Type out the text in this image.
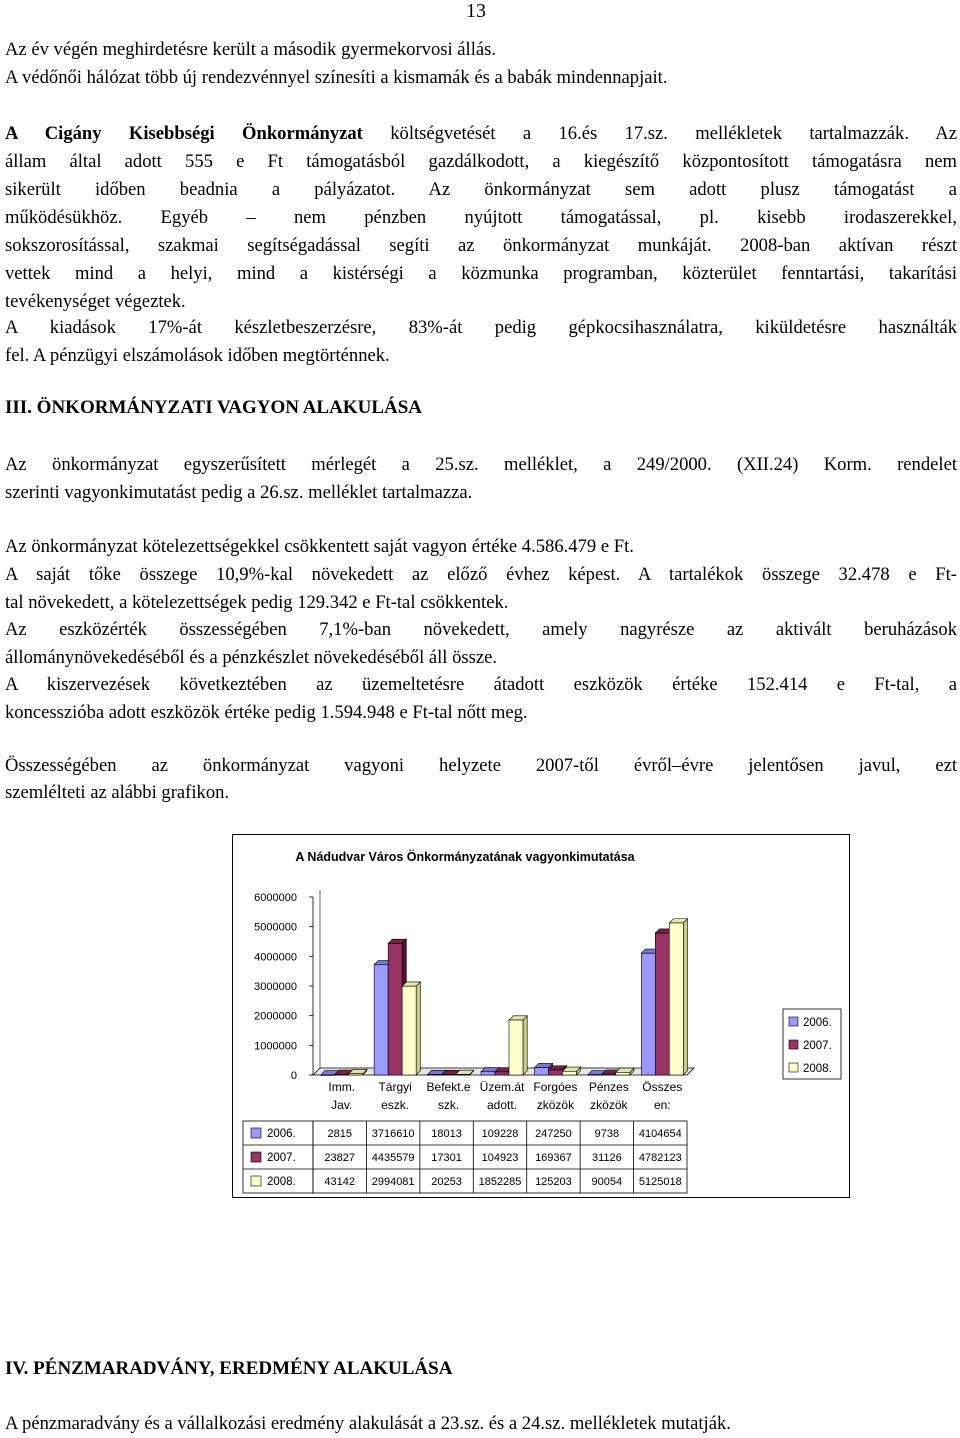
13

Az év végén meghirdetésre került a második gyermekorvosi állás.

A védőnői hálózat több új rendezvénnyel színesíti a kismamák és a babák mindennapjait.

A Cigány Kisebbségi Önkormányzat költségvetését a 16.és 17.sz. mellékletek tartalmazzák. Az

állam által adott 555 e Ft támogatásból gazdálkodott, a kiegészítő központosított támogatásra nem

sikerült időben beadnia a pályázatot. Az önkormányzat sem adott plusz támogatást a

működésükhöz. Egyéb – nem pénzben nyújtott támogatással, pl. kisebb irodaszerekkel,

sokszorosítással, szakmai segítségadással segíti az önkormányzat munkáját. 2008-ban aktívan részt

vettek mind a helyi, mind a kistérségi a közmunka programban, közterület fenntartási, takarítási

tevékenységet végeztek.

A kiadások 17%-át készletbeszerzésre, 83%-át pedig gépkocsihasználatra, kiküldetésre használták

fel. A pénzügyi elszámolások időben megtörténnek.

III. ÖNKORMÁNYZATI VAGYON ALAKULÁSA

Az önkormányzat egyszerűsített mérlegét a 25.sz. melléklet, a 249/2000. (XII.24) Korm. rendelet

szerinti vagyonkimutatást pedig a 26.sz. melléklet tartalmazza.

Az önkormányzat kötelezettségekkel csökkentett saját vagyon értéke 4.586.479 e Ft.

A saját tőke összege 10,9%-kal növekedett az előző évhez képest. A tartalékok összege 32.478 e Ft-

tal növekedett, a kötelezettségek pedig 129.342 e Ft-tal csökkentek.

Az eszközérték összességében 7,1%-ban növekedett, amely nagyrésze az aktivált beruházások

állománynövekedéséből és a pénzkészlet növekedéséből áll össze.

A kiszervezések következtében az üzemeltetésre átadott eszközök értéke 152.414 e Ft-tal, a

koncesszióba adott eszközök értéke pedig 1.594.948 e Ft-tal nőtt meg.

Összességében az önkormányzat vagyoni helyzete 2007-től évről–évre jelentősen javul, ezt

szemlélteti az alábbi grafikon.

A Nádudvar Város Önkormányzatának vagyonkimutatása
0
1000000
2000000
3000000
4000000
5000000
6000000
Imm.
Jav.
Tárgyi
eszk.
Befekt.e
szk.
Üzem.át
adott.
Forgóes
zközök
Pénzes
zközök
Összes
en:
2006.	2815 3716610 18013 109228 247250 9738 4104654
2007.	23827 4435579 17301 104923 169367 31126 4782123
2008.	43142 2994081 20253 1852285 125203 90054 5125018
2006.
2007.
2008.
IV. PÉNZMARADVÁNY, EREDMÉNY ALAKULÁSA

A pénzmaradvány és a vállalkozási eredmény alakulását a 23.sz. és a 24.sz. mellékletek mutatják.
